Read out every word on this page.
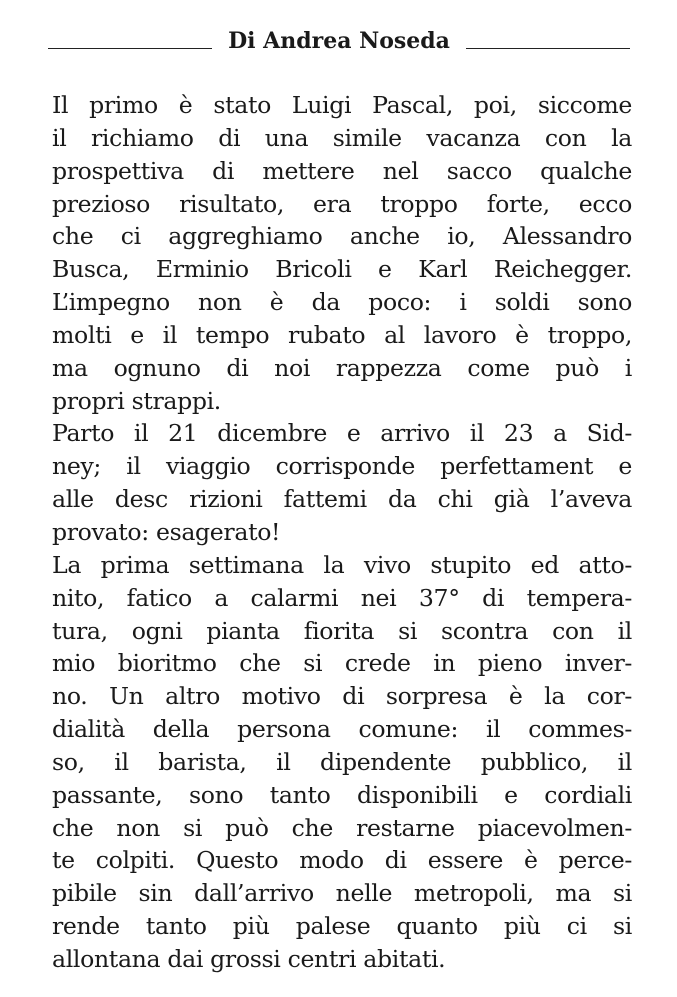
Di Andrea Noseda
Il primo è stato Luigi Pascal, poi, siccome
il richiamo di una simile vacanza con la
prospettiva di mettere nel sacco qualche
prezioso risultato, era troppo forte, ecco
che ci aggreghiamo anche io, Alessandro
Busca, Erminio Bricoli e Karl Reichegger.
L’impegno non è da poco: i soldi sono
molti e il tempo rubato al lavoro è troppo,
ma ognuno di noi rappezza come può i
propri strappi.
Parto il 21 dicembre e arrivo il 23 a Sid-
ney; il viaggio corrisponde perfettament e
alle desc rizioni fattemi da chi già l’aveva
provato: esagerato!
La prima settimana la vivo stupito ed atto-
nito, fatico a calarmi nei 37° di tempera-
tura, ogni pianta fiorita si scontra con il
mio bioritmo che si crede in pieno inver-
no. Un altro motivo di sorpresa è la cor-
dialità della persona comune: il commes-
so, il barista, il dipendente pubblico, il
passante, sono tanto disponibili e cordiali
che non si può che restarne piacevolmen-
te colpiti. Questo modo di essere è perce-
pibile sin dall’arrivo nelle metropoli, ma si
rende tanto più palese quanto più ci si
allontana dai grossi centri abitati.
